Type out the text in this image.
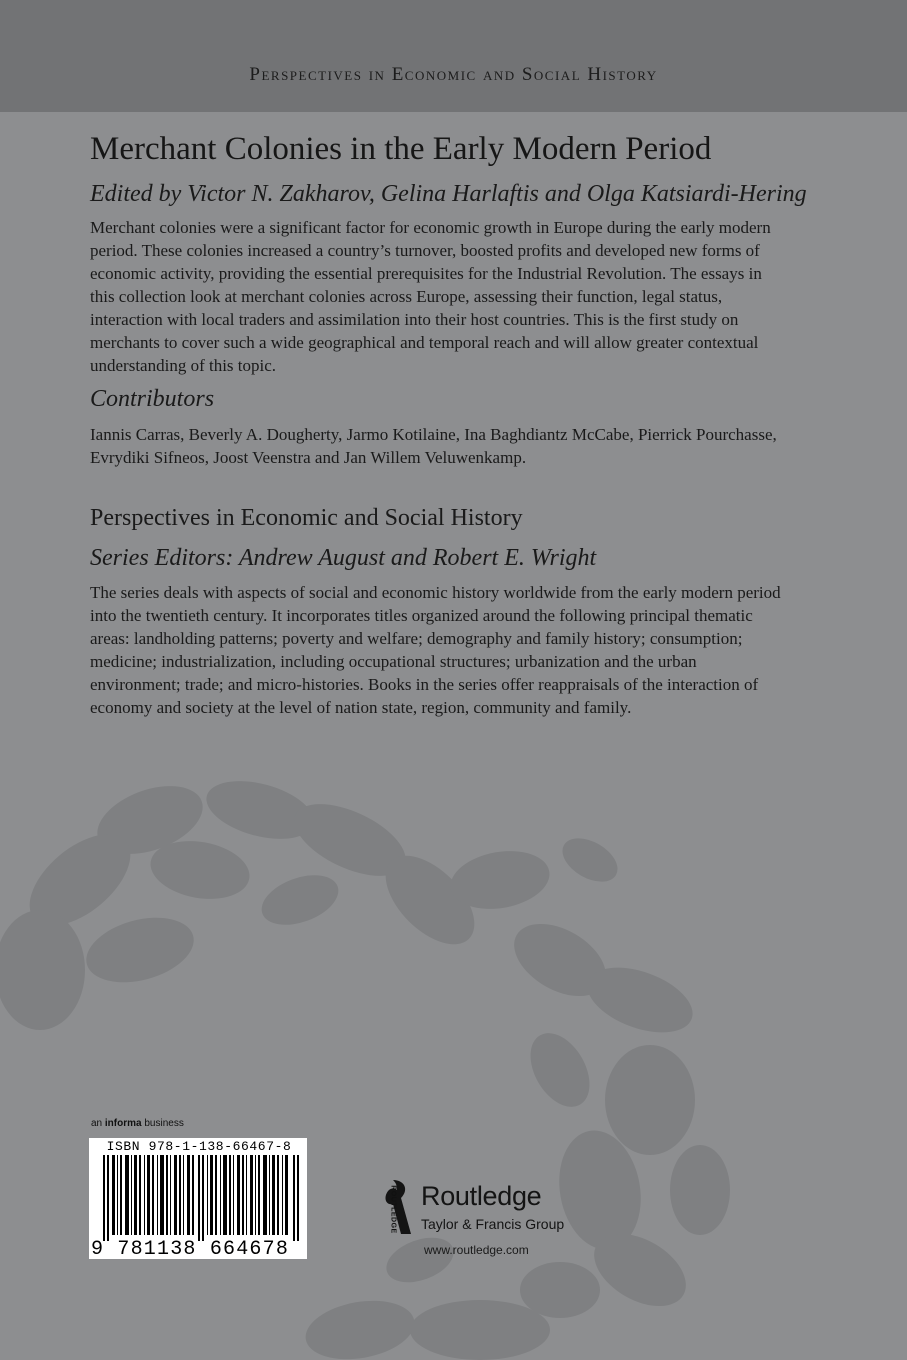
Perspectives in Economic and Social History
Merchant Colonies in the Early Modern Period
Edited by Victor N. Zakharov, Gelina Harlaftis and Olga Katsiardi-Hering
Merchant colonies were a significant factor for economic growth in Europe during the early modern period. These colonies increased a country’s turnover, boosted profits and developed new forms of economic activity, providing the essential prerequisites for the Industrial Revolution. The essays in this collection look at merchant colonies across Europe, assessing their function, legal status, interaction with local traders and assimilation into their host countries. This is the first study on merchants to cover such a wide geographical and temporal reach and will allow greater contextual understanding of this topic.
Contributors
Iannis Carras, Beverly A. Dougherty, Jarmo Kotilaine, Ina Baghdiantz McCabe, Pierrick Pourchasse, Evrydiki Sifneos, Joost Veenstra and Jan Willem Veluwenkamp.
Perspectives in Economic and Social History
Series Editors: Andrew August and Robert E. Wright
The series deals with aspects of social and economic history worldwide from the early modern period into the twentieth century. It incorporates titles organized around the following principal thematic areas: landholding patterns; poverty and welfare; demography and family history; consumption; medicine; industrialization, including occupational structures; urbanization and the urban environment; trade; and micro-histories. Books in the series offer reappraisals of the interaction of economy and society at the level of nation state, region, community and family.
an informa business
ISBN 978-1-138-66467-8
9 781138 664678
ROUTLEDGE Routledge
Taylor & Francis Group
www.routledge.com
